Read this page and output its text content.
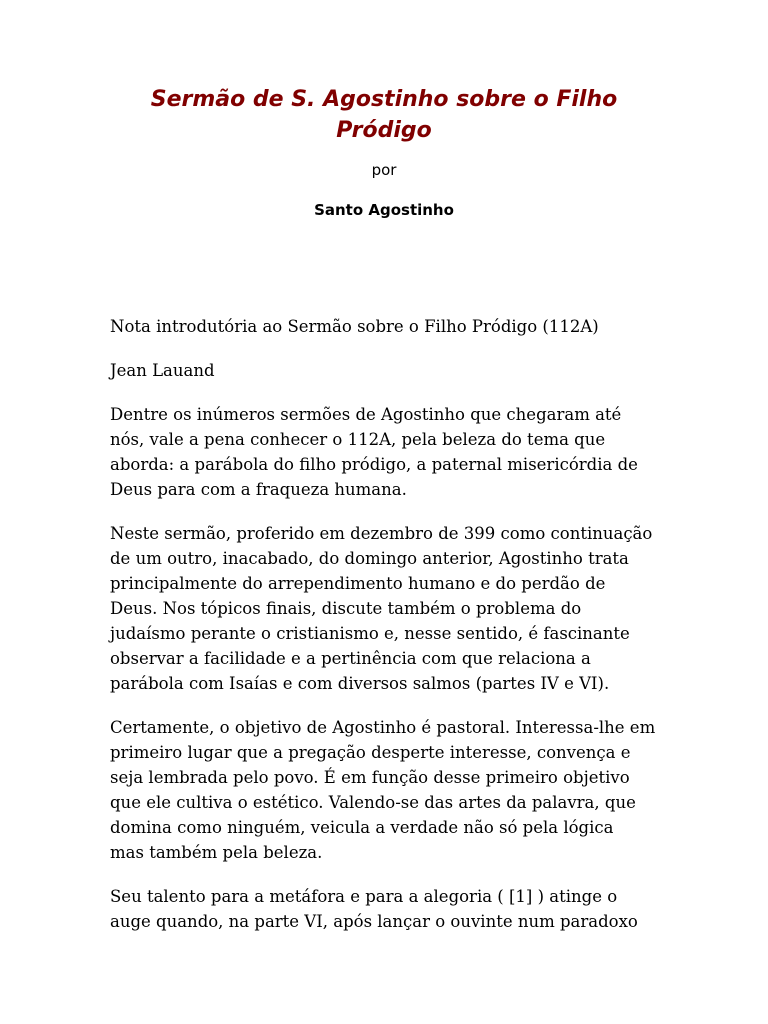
Sermão de S. Agostinho sobre o Filho
Pródigo

por

Santo Agostinho

Nota introdutória ao Sermão sobre o Filho Pródigo (112A)

Jean Lauand

Dentre os inúmeros sermões de Agostinho que chegaram até
nós, vale a pena conhecer o 112A, pela beleza do tema que
aborda: a parábola do filho pródigo, a paternal misericórdia de
Deus para com a fraqueza humana.

Neste sermão, proferido em dezembro de 399 como continuação
de um outro, inacabado, do domingo anterior, Agostinho trata
principalmente do arrependimento humano e do perdão de
Deus. Nos tópicos finais, discute também o problema do
judaísmo perante o cristianismo e, nesse sentido, é fascinante
observar a facilidade e a pertinência com que relaciona a
parábola com Isaías e com diversos salmos (partes IV e VI).

Certamente, o objetivo de Agostinho é pastoral. Interessa-lhe em
primeiro lugar que a pregação desperte interesse, convença e
seja lembrada pelo povo. É em função desse primeiro objetivo
que ele cultiva o estético. Valendo-se das artes da palavra, que
domina como ninguém, veicula a verdade não só pela lógica
mas também pela beleza.

Seu talento para a metáfora e para a alegoria ( [1] ) atinge o
auge quando, na parte VI, após lançar o ouvinte num paradoxo
